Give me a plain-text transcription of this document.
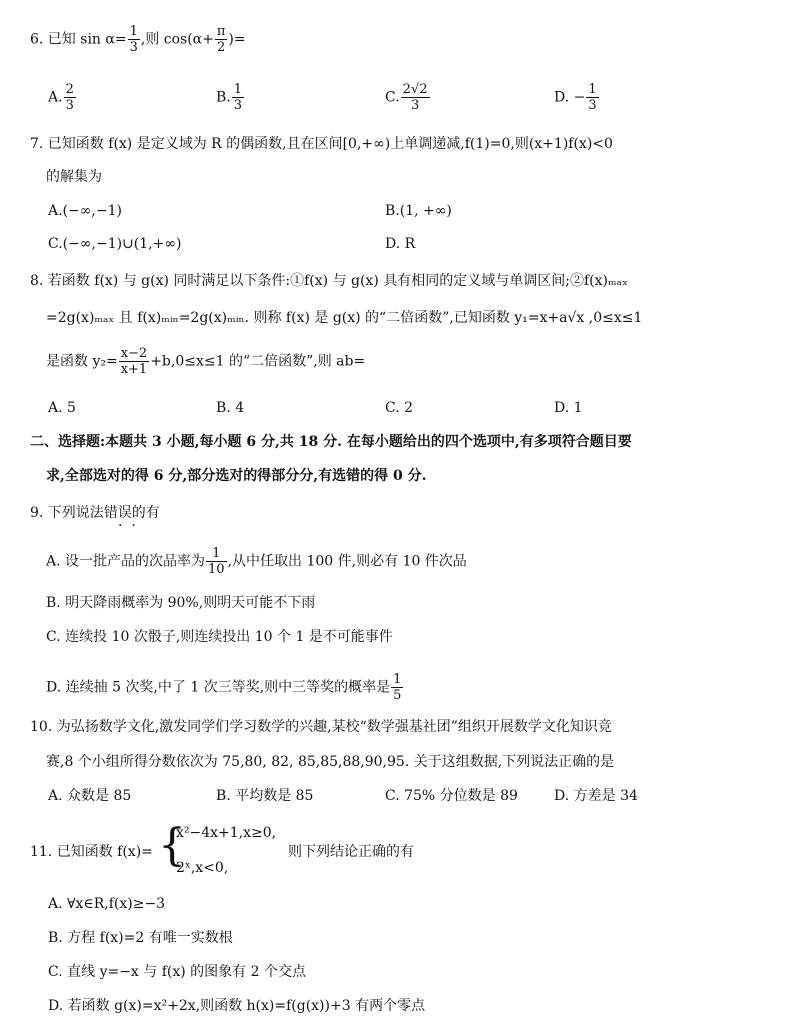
6. 已知 $\sin \alpha= \frac{1}{3}$ ,则 $\cos(\alpha+ \frac{\pi}{2}$ )=
A. $\frac{2}{3}$	B. $\frac{1}{3}$	C. $\frac{2√2}{3}$	D. − $\frac{1}{3}$
7. 已知函数 f(x) 是定义域为 R 的偶函数,且在区间[0,+∞)上单调递减,f(1)=0,则(x+1)f(x)<0
的解集为
A.(−∞,−1)	B.(1, +∞)
C.(−∞,−1)∪(1,+∞)	D. R
8. 若函数 f(x) 与 g(x) 同时满足以下条件:①f(x) 与 g(x) 具有相同的定义域与单调区间;②f(x)ₘₐₓ
=2g(x)ₘₐₓ 且 f(x)ₘᵢₙ=2g(x)ₘᵢₙ. 则称 f(x) 是 g(x) 的“二倍函数”,已知函数 y₁=x+a√x ,0≤x≤1
是函数 $y_2= \frac{x-2}{x+1} +b,0\le x\le 1$ 的“二倍函数”,则 ab=
A. 5	B. 4	C. 2	D. 1
二、选择题:本题共 3 小题,每小题 6 分,共 18 分. 在每小题给出的四个选项中,有多项符合题目要
求,全部选对的得 6 分,部分选对的得部分分,有选错的得 0 分.
9. 下列说法错误的有
·  ·
A. 设一批产品的次品率为 $\frac{1}{10}$ ,从中任取出 100 件,则必有 10 件次品
B. 明天降雨概率为 90%,则明天可能不下雨
C. 连续投 10 次骰子,则连续投出 10 个 1 是不可能事件
D. 连续抽 5 次奖,中了 1 次三等奖,则中三等奖的概率是 $\frac{1}{5}$
10. 为弘扬数学文化,激发同学们学习数学的兴趣,某校“数学强基社团”组织开展数学文化知识竞
赛,8 个小组所得分数依次为 75,80, 82, 85,85,88,90,95. 关于这组数据,下列说法正确的是
A. 众数是 85	B. 平均数是 85	C. 75% 分位数是 89	D. 方差是 34
11. 已知函数 f(x)= {
x²−4x+1,x≥0,
2ˣ,x<0,
则下列结论正确的有
A. ∀x∈R,f(x)≥−3
B. 方程 f(x)=2 有唯一实数根
C. 直线 y=−x 与 f(x) 的图象有 2 个交点
D. 若函数 g(x)=x²+2x,则函数 h(x)=f(g(x))+3 有两个零点
